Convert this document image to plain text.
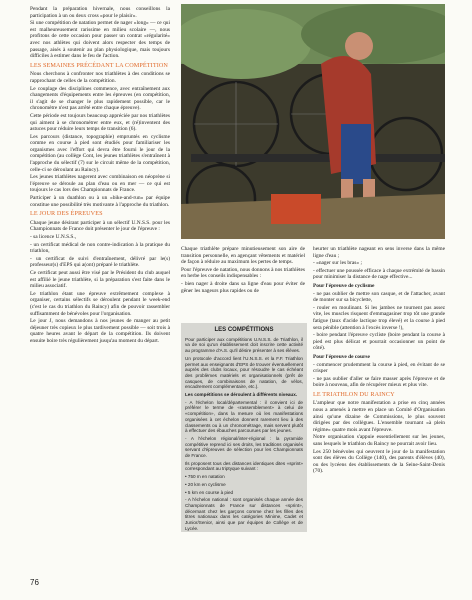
Pendant la préparation hivernale, nous conseillons la participation à un ou deux cross «pour le plaisir».

Si une compétition de natation permet de nager «long» — ce qui est malheureusement rarissime en milieu scolaire —, nous profitons de cette occasion pour passer un contrat «régularité» avec nos athlètes qui doivent alors respecter des temps de passage, aisés à soutenir au plan physiologique, mais toujours difficiles à estimer dans le feu de l'action.

LES SEMAINES PRÉCÉDANT LA COMPÉTITION

Nous cherchons à confronter nos triathlètes à des conditions se rapprochant de celles de la compétition.

Le couplage des disciplines commence, avec entraînement aux changements d'équipements entre les épreuves (en compétition, il s'agit de se changer le plus rapidement possible, car le chronomètre n'est pas arrêté entre chaque épreuve).

Cette période est toujours beaucoup appréciée par nos triathlètes qui aiment à se chronométrer entre eux, et (ré)inventent des astuces pour réduire leurs temps de transition (6).

Les parcours (distance, topographie) empruntés en cyclisme comme en course à pied sont étudiés pour familiariser les organismes avec l'effort qui devra être fourni le jour de la compétition (au collège Cont, les jeunes triathlètes s'entraînent à l'approche du sélectif (7) sur le circuit même de la compétition, celle-ci se déroulant au Raincy).

Les jeunes triathlètes nagerent avec combinaison en néoprène si l'épreuve se déroule au plan d'eau ou en mer — ce qui est toujours le cas lors des Championnats de France.

Participer à un duathlon ou à un «bike-and-run» par équipe constitue une possibilité très motivante à l'approche du triathlon.

LE JOUR DES ÉPREUVES

Chaque jeune désirant participer à un sélectif U.N.S.S. pour les Championnats de France doit présenter le jour de l'épreuve :

- sa licence U.N.S.S.,

- un certificat médical de non contre-indication à la pratique du triathlon,

- un certificat de suivi d'entraînement, délivré par le(s) professeur(s) d'EPS qui a(ont) préparé le triathlète.

Ce certificat peut aussi être visé par le Président du club auquel est affilié le jeune triathlète, si la préparation s'est faite dans le milieu associatif.

Le triathlon étant une épreuve extrêmement complexe à organiser, certains sélectifs se déroulent pendant le week-end (c'est le cas du triathlon du Raincy) afin de pouvoir rassembler suffisamment de bénévoles pour l'organisation.

Le jour J, nous demandons à nos jeunes de manger au petit déjeuner très copieux le plus tardivement possible — soit trois à quatre heures avant le départ de la compétition. Ils doivent ensuite boire très régulièrement jusqu'au moment du départ.

Chaque triathlète prépare minutieusement son aire de transition personnelle, en agençant vêtements et matériel de façon à réduire au maximum les pertes de temps.

Pour l'épreuve de natation, nous donnons à nos triathlètes en herbe les conseils indispensables :

- bien nager à droite dans sa ligne d'eau pour éviter de gêner les nageurs plus rapides ou de

LES COMPÉTITIONS

Pour participer aux compétitions U.N.S.S. de Triathlon, il va de soi qu'un établissement doit inscrire cette activité au programme d'A.S. qu'il désire présenter à ses élèves.

Un protocole d'accord lient l'U.N.S.S. et la F.F. Triathlon permet aux enseignants d'EPS de trouver éventuellement auprès des clubs locaux, pour résoudre le cas échéant des problèmes matériels et organisationnels (prêt de casques, de combinaisons de natation, de vélos, encadrement complémentaire, etc.).

Les compétitions se déroulent à différents niveaux.

- A l'échelon local/départemental : il convient ici de préférer le terme de «rassemblement» à celui de «compétition», dans la mesure où les manifestations organisées à cet échelon donnent rarement lieu à des classements ou à un chronométrage, mais servent plutôt à effectuer des ébauches parcourues par les jeunes.

- A l'échelon régional/inter-régional : la pyramide compétitive reprend ici ses droits, les traditions organisés servant d'épreuves de sélection pour les Championnats de France.

Ils proposent tous des distances identiques dites «sprint» correspondant au triptyque suivant :

• 750 m en natation

• 20 km en cyclisme

• 5 km en course à pied

- A l'échelon national : sont organisés chaque année des Championnats de France sur distances «sprint», décernant chez les garçons comme chez les filles des titres nationaux dans les catégories Minime, Cadet et Junior/Senior, ainsi que par équipes de Collège et de Lycée.

heurter un triathlète nageant en sens inverse dans la même ligne d'eau ;

- «nager sur les bras» ;

- effectuer une poussée efficace à chaque extrémité de bassin pour minimiser la distance de nage effective...

Pour l'épreuve de cyclisme

- ne pas oublier de mettre son casque, et de l'attacher, avant de monter sur sa bicyclette,

- rouler en moulinant. Si les jambes ne tournent pas assez vite, les muscles risquent d'emmagasiner trop tôt une grande fatigue (taux d'acide lactique trop élevé) et la course à pied sera pénible (attention à l'excès inverse !),

- boire pendant l'épreuve cycliste (boire pendant la course à pied est plus délicat et pourrait occasionner un point de côté).

Pour l'épreuve de course

- commencer prudemment la course à pied, en évitant de se crisper

- ne pas oublier d'aller se faire masser après l'épreuve et de boire à nouveau, afin de récupérer mieux et plus vite.

LE TRIATHLON DU RAINCY

L'ampleur que notre manifestation a prise en cinq années nous a amenés à mettre en place un Comité d'Organisation ainsi qu'une dizaine de Commissions, le plus souvent dirigées par des collègues. L'ensemble tournant «à plein régime» quatre mois avant l'épreuve.

Notre organisation s'appuie essentiellement sur les jeunes, sans lesquels le triathlon du Raincy ne pourrait avoir lieu.

Les 250 bénévoles qui oeuvrent le jour de la manifestation sont des élèves du Collège (140), des parents d'élèves (40), ou des lycéens des établissements de la Seine-Saint-Denis (70).

76
